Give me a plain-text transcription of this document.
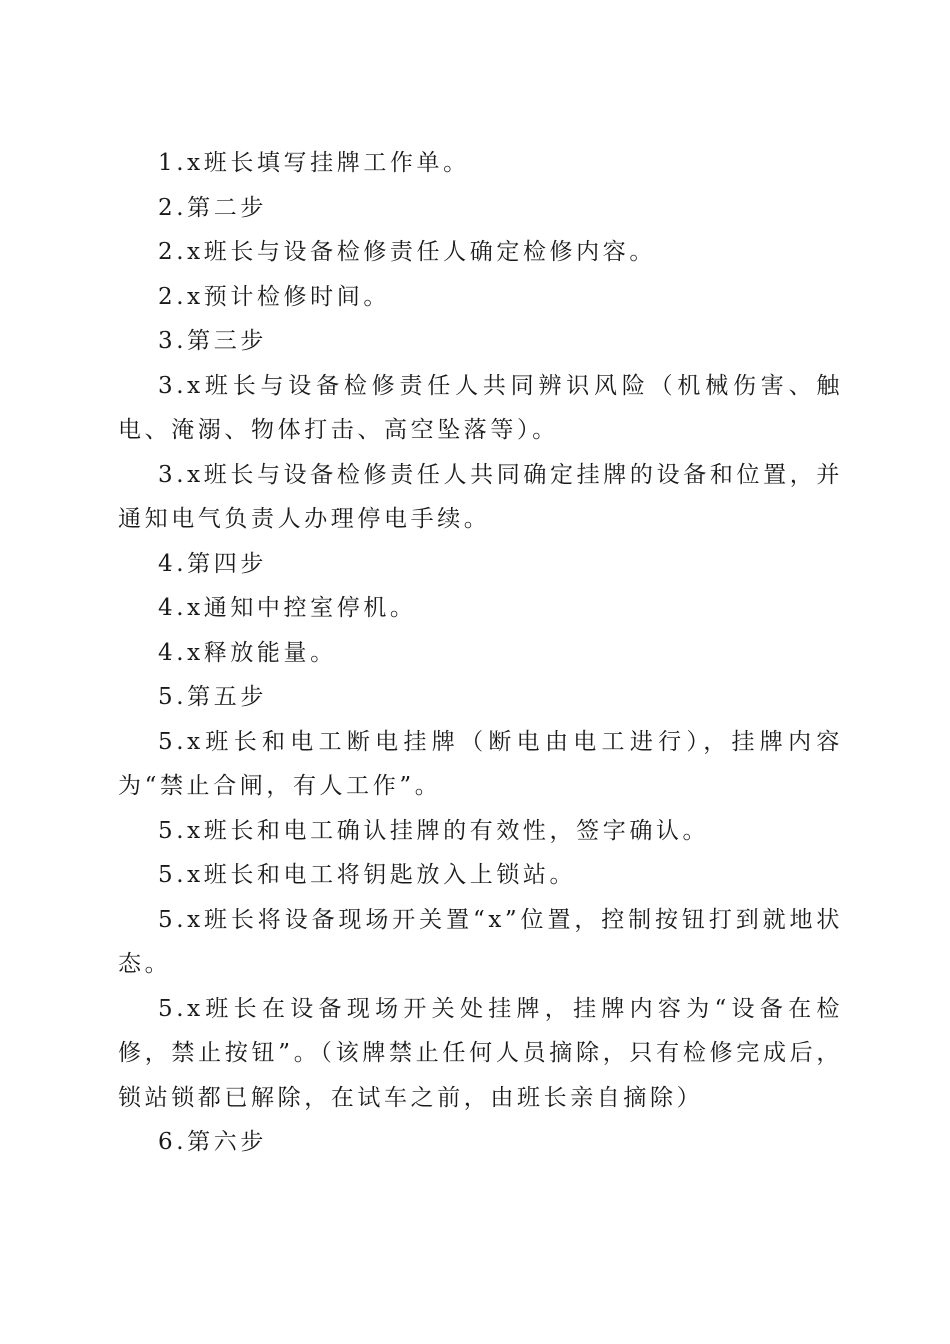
1.x班长填写挂牌工作单。

2.第二步

2.x班长与设备检修责任人确定检修内容。

2.x预计检修时间。

3.第三步

3.x班长与设备检修责任人共同辨识风险（机械伤害、触电、淹溺、物体打击、高空坠落等）。

3.x班长与设备检修责任人共同确定挂牌的设备和位置，并通知电气负责人办理停电手续。

4.第四步

4.x通知中控室停机。

4.x释放能量。

5.第五步

5.x班长和电工断电挂牌（断电由电工进行），挂牌内容为“禁止合闸，有人工作”。

5.x班长和电工确认挂牌的有效性，签字确认。

5.x班长和电工将钥匙放入上锁站。

5.x班长将设备现场开关置“x”位置，控制按钮打到就地状态。

5.x班长在设备现场开关处挂牌，挂牌内容为“设备在检修，禁止按钮”。（该牌禁止任何人员摘除，只有检修完成后，锁站锁都已解除，在试车之前，由班长亲自摘除）

6.第六步
